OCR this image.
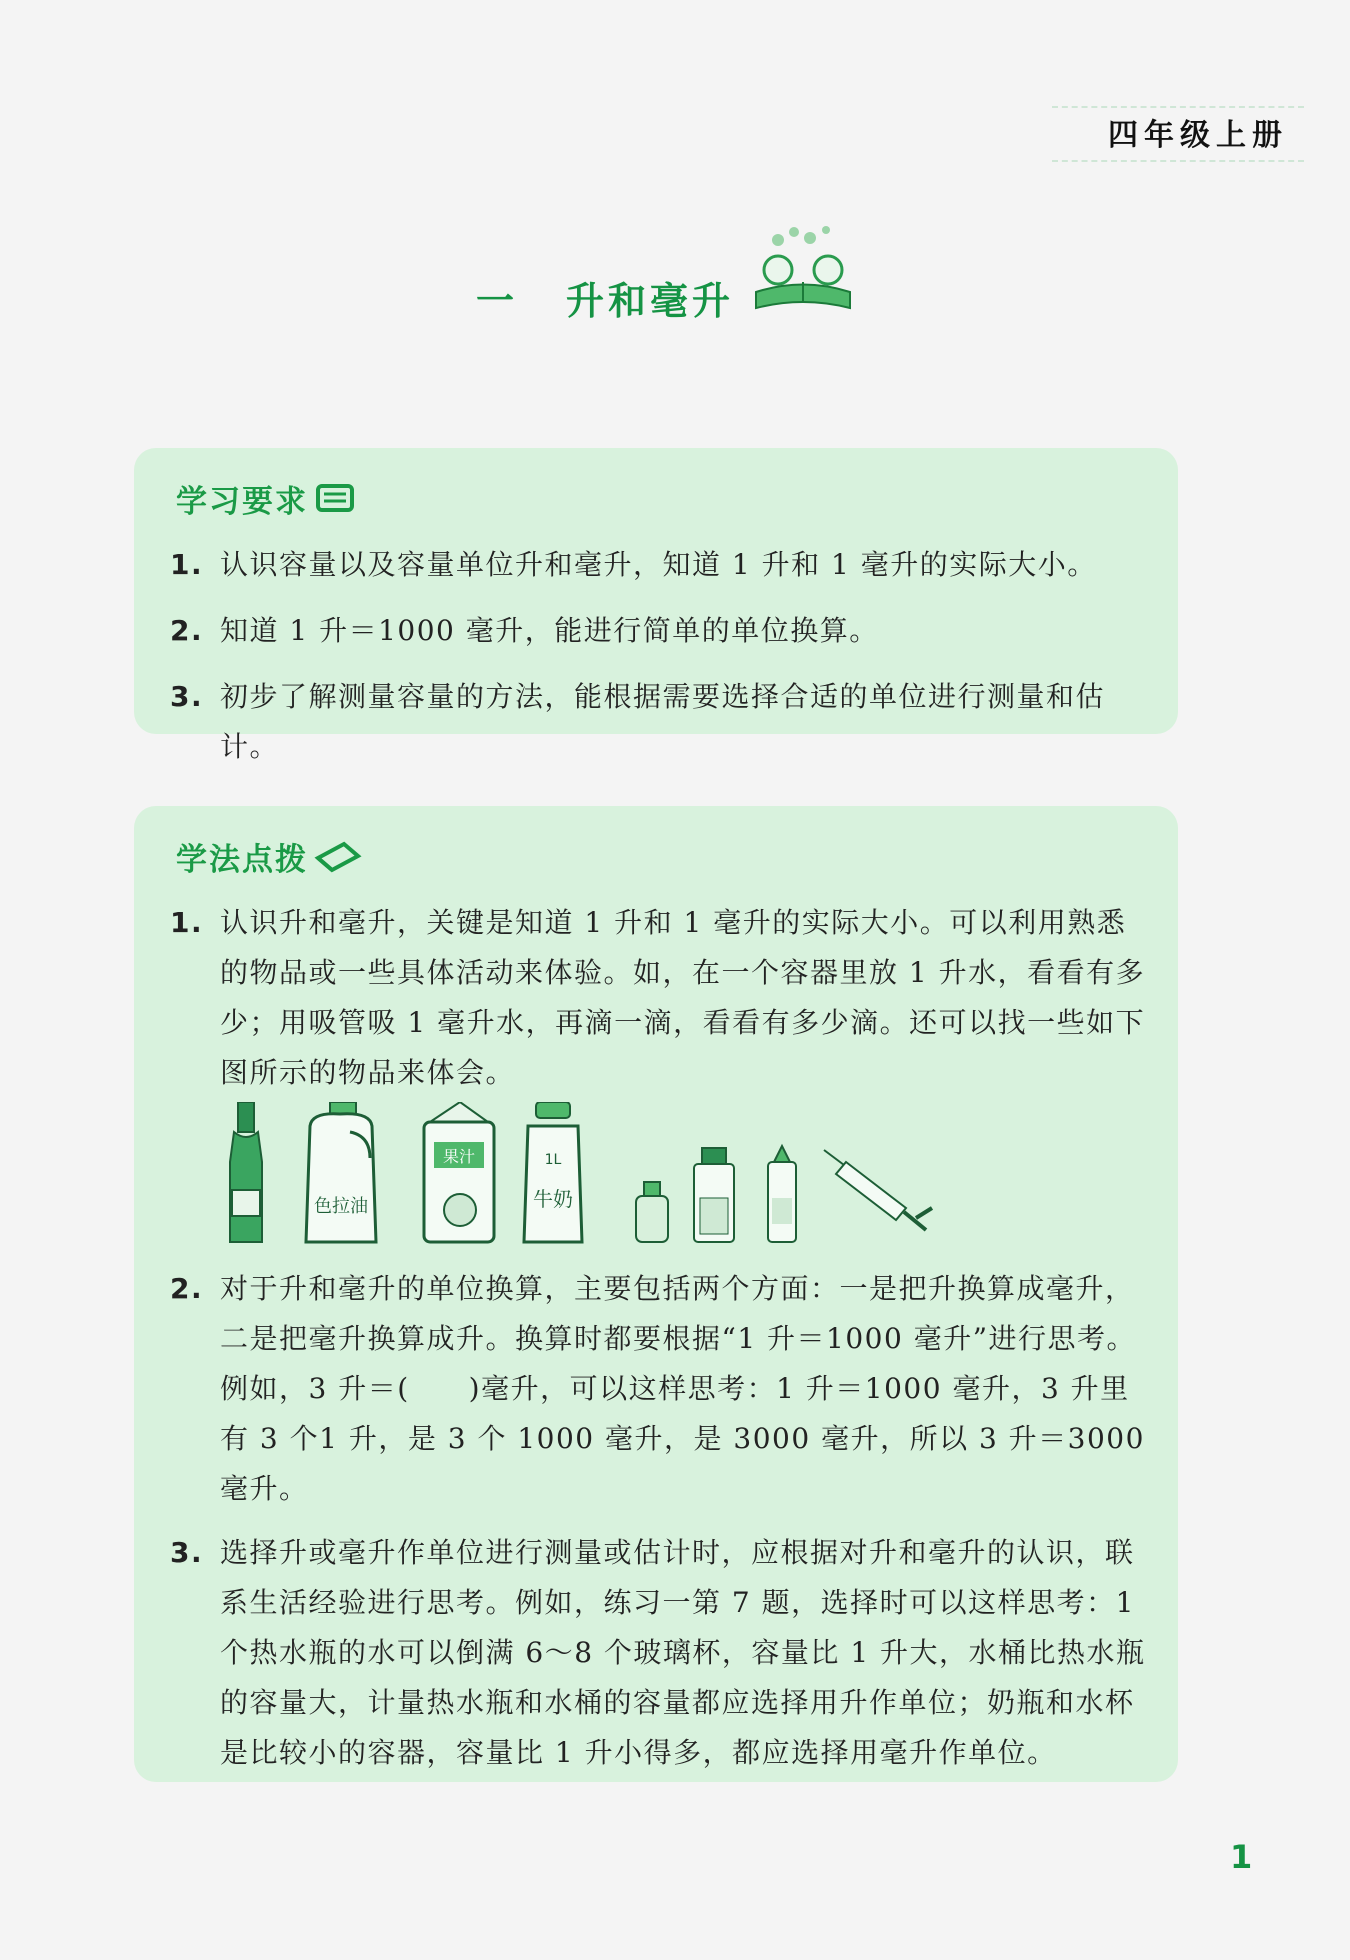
四年级上册
一 升和毫升
学习要求
1. 认识容量以及容量单位升和毫升，知道 1 升和 1 毫升的实际大小。
2. 知道 1 升＝1000 毫升，能进行简单的单位换算。
3. 初步了解测量容量的方法，能根据需要选择合适的单位进行测量和估计。
学法点拨
1. 认识升和毫升，关键是知道 1 升和 1 毫升的实际大小。可以利用熟悉的物品或一些具体活动来体验。如，在一个容器里放 1 升水，看看有多少；用吸管吸 1 毫升水，再滴一滴，看看有多少滴。还可以找一些如下图所示的物品来体会。
色拉油
果汁	1L
牛奶
2. 对于升和毫升的单位换算，主要包括两个方面：一是把升换算成毫升，二是把毫升换算成升。换算时都要根据“1 升＝1000 毫升”进行思考。例如，3 升＝(　　)毫升，可以这样思考：1 升＝1000 毫升，3 升里有 3 个1 升，是 3 个 1000 毫升，是 3000 毫升，所以 3 升＝3000 毫升。
3. 选择升或毫升作单位进行测量或估计时，应根据对升和毫升的认识，联系生活经验进行思考。例如，练习一第 7 题，选择时可以这样思考：1 个热水瓶的水可以倒满 6～8 个玻璃杯，容量比 1 升大，水桶比热水瓶的容量大，计量热水瓶和水桶的容量都应选择用升作单位；奶瓶和水杯是比较小的容器，容量比 1 升小得多，都应选择用毫升作单位。
1
